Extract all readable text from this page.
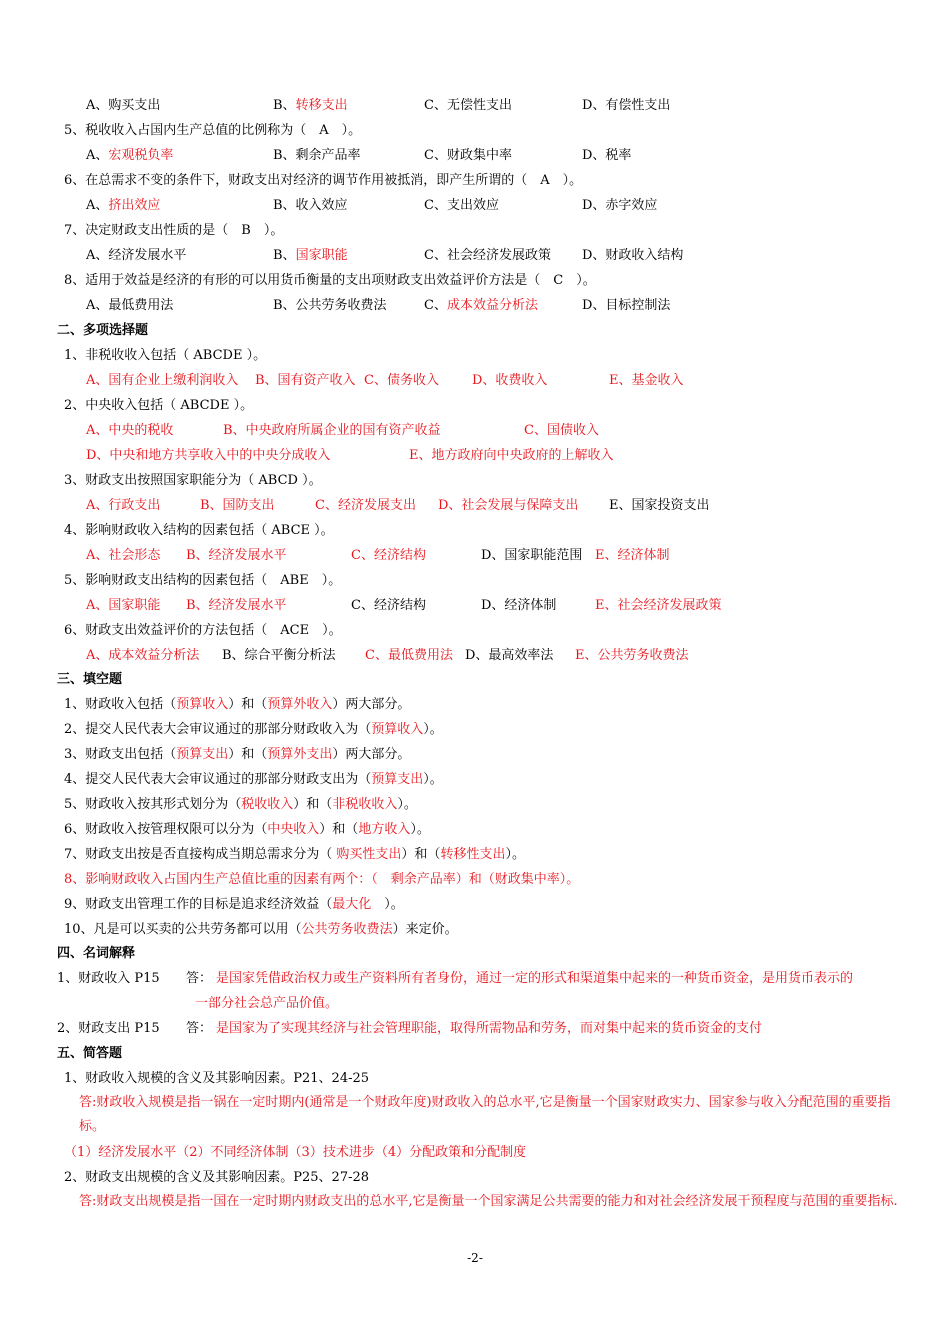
A、购买支出	B、转移支出	C、无偿性支出	D、有偿性支出
5、税收收入占国内生产总值的比例称为（　A　）。
A、宏观税负率	B、剩余产品率	C、财政集中率	D、税率
6、在总需求不变的条件下，财政支出对经济的调节作用被抵消，即产生所谓的（　A　）。
A、挤出效应	B、收入效应	C、支出效应	D、赤字效应
7、决定财政支出性质的是（　B　）。
A、经济发展水平	B、国家职能	C、社会经济发展政策 D、财政收入结构
8、适用于效益是经济的有形的可以用货币衡量的支出项财政支出效益评价方法是（　C　）。
A、最低费用法	B、公共劳务收费法	C、成本效益分析法	D、目标控制法
二、多项选择题
1、非税收收入包括（ ABCDE ）。
A、国有企业上缴利润收入 B、国有资产收入 C、债务收入	D、收费收入	E、基金收入
2、中央收入包括（ ABCDE ）。
A、中央的税收	B、中央政府所属企业的国有资产收益	C、国债收入
D、中央和地方共享收入中的中央分成收入	E、地方政府向中央政府的上解收入
3、财政支出按照国家职能分为（ ABCD ）。
A、行政支出	B、国防支出	C、经济发展支出 D、社会发展与保障支出 E、国家投资支出
4、影响财政收入结构的因素包括（ ABCE ）。
A、社会形态 B、经济发展水平	C、经济结构	D、国家职能范围 E、经济体制
5、影响财政支出结构的因素包括（　ABE　）。
A、国家职能 B、经济发展水平	C、经济结构	D、经济体制	E、社会经济发展政策
6、财政支出效益评价的方法包括（　ACE　）。
A、成本效益分析法 B、综合平衡分析法 C、最低费用法 D、最高效率法 E、公共劳务收费法
三、填空题
1、财政收入包括（预算收入）和（预算外收入）两大部分。
2、提交人民代表大会审议通过的那部分财政收入为（预算收入）。
3、财政支出包括（预算支出）和（预算外支出）两大部分。
4、提交人民代表大会审议通过的那部分财政支出为（预算支出）。
5、财政收入按其形式划分为（税收收入）和（非税收收入）。
6、财政收入按管理权限可以分为（中央收入）和（地方收入）。
7、财政支出按是否直接构成当期总需求分为（ 购买性支出）和（转移性支出）。
8、影响财政收入占国内生产总值比重的因素有两个：（　剩余产品率）和（财政集中率）。
9、财政支出管理工作的目标是追求经济效益（最大化　）。
10、凡是可以买卖的公共劳务都可以用（公共劳务收费法）来定价。
四、名词解释
1、财政收入 P15 答： 是国家凭借政治权力或生产资料所有者身份，通过一定的形式和渠道集中起来的一种货币资金，是用货币表示的
一部分社会总产品价值。
2、财政支出 P15 答： 是国家为了实现其经济与社会管理职能，取得所需物品和劳务，而对集中起来的货币资金的支付
五、简答题
1、财政收入规模的含义及其影响因素。P21、24-25
答:财政收入规模是指一锅在一定时期内(通常是一个财政年度)财政收入的总水平,它是衡量一个国家财政实力、国家参与收入分配范围的重要指标。
（1）经济发展水平（2）不同经济体制（3）技术进步（4）分配政策和分配制度
2、财政支出规模的含义及其影响因素。P25、27-28
答:财政支出规模是指一国在一定时期内财政支出的总水平,它是衡量一个国家满足公共需要的能力和对社会经济发展干预程度与范围的重要指标.
-2-
